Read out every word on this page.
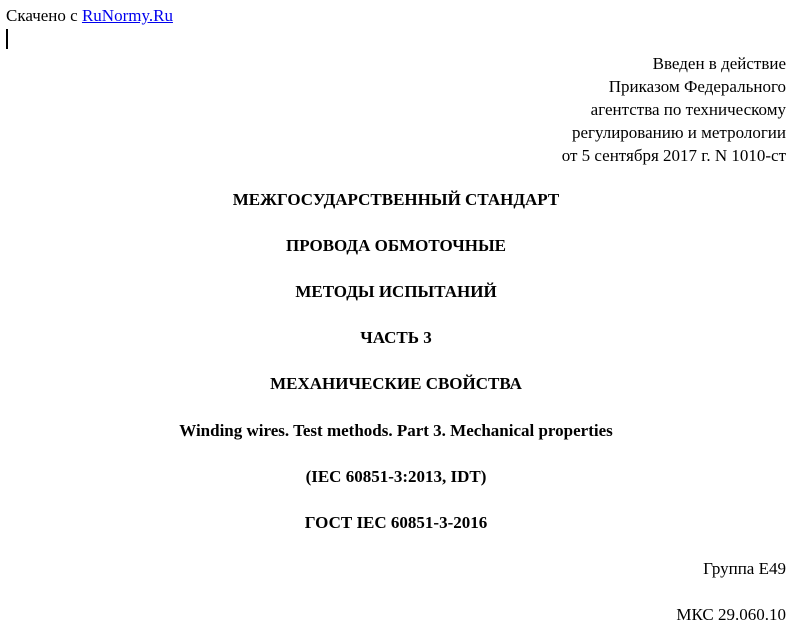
Скачено с RuNormy.Ru
Введен в действие
Приказом Федерального
агентства по техническому
регулированию и метрологии
от 5 сентября 2017 г. N 1010-ст
МЕЖГОСУДАРСТВЕННЫЙ СТАНДАРТ
ПРОВОДА ОБМОТОЧНЫЕ
МЕТОДЫ ИСПЫТАНИЙ
ЧАСТЬ 3
МЕХАНИЧЕСКИЕ СВОЙСТВА
Winding wires. Test methods. Part 3. Mechanical properties
(IEC 60851-3:2013, IDT)
ГОСТ IEC 60851-3-2016
Группа Е49
МКС 29.060.10
